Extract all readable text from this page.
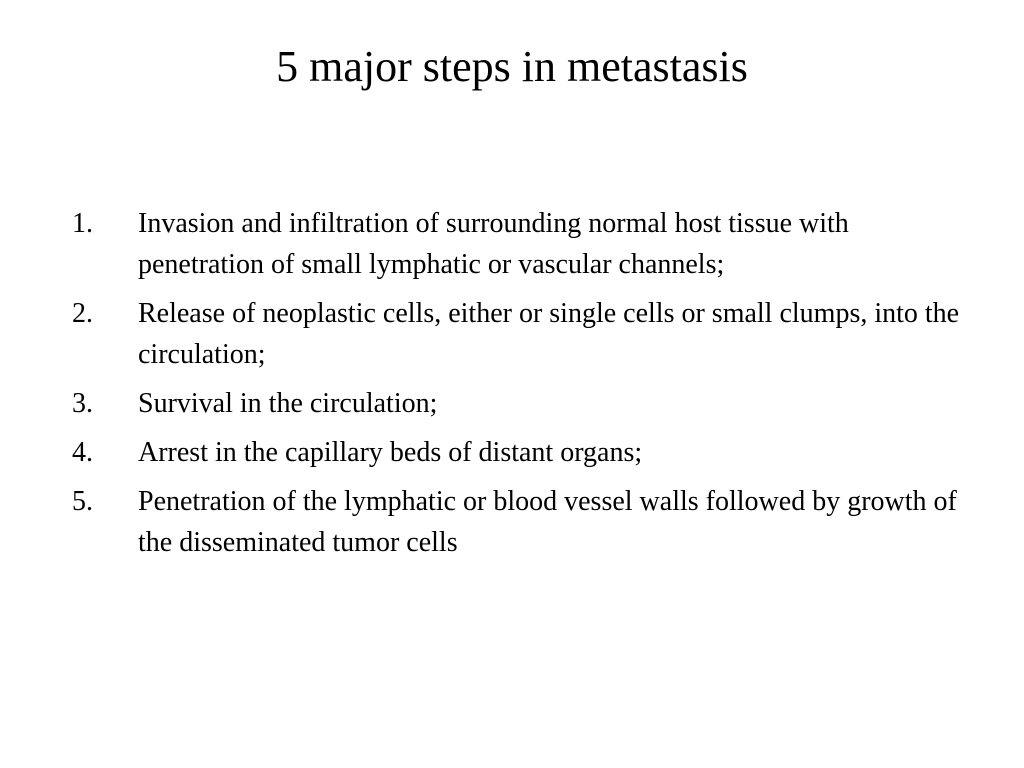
5 major steps in metastasis
1. Invasion and infiltration of surrounding normal host tissue with penetration of small lymphatic or vascular channels;
2. Release of neoplastic cells, either or single cells or small clumps, into the circulation;
3. Survival in the circulation;
4. Arrest in the capillary beds of distant organs;
5. Penetration of the lymphatic or blood vessel walls followed by growth of the disseminated tumor cells
